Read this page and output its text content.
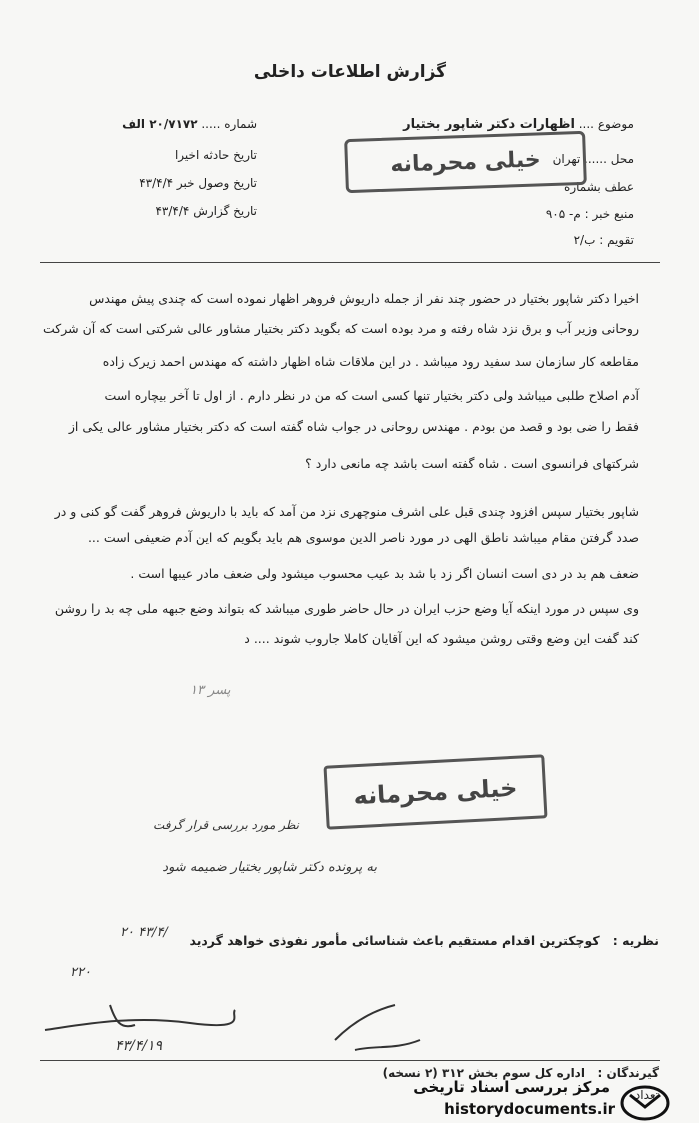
گزارش اطلاعات داخلی
موضوع .... اظهارات دکتر شاپور بختیار
محل ...... تهران
عطف بشماره
منبع خبر : م- ۹۰۵
تقویم : ب/۲
شماره ..... ۲۰/۷۱۷۲ الف
تاریخ حادثه اخیرا
تاریخ وصول خبر ۴۳/۴/۴
تاریخ گزارش ۴۳/۴/۴
خیلی محرمانه
اخیرا دکتر شاپور بختیار در حضور چند نفر از جمله داریوش فروهر اظهار نموده است که چندی پیش مهندس
روحانی وزیر آب و برق نزد شاه رفته و مرد بوده است که بگوید دکتر بختیار مشاور عالی شرکتی است که آن شرکت
مقاطعه کار سازمان سد سفید رود میباشد . در این ملاقات شاه اظهار داشته که مهندس احمد زیرک زاده
آدم اصلاح طلبی میباشد ولی دکتر بختیار تنها کسی است که من در نظر دارم . از اول تا آخر بیچاره است
فقط را ضی بود و قصد من بودم . مهندس روحانی در جواب شاه گفته است که دکتر بختیار مشاور عالی یکی از
شرکتهای فرانسوی است . شاه گفته است باشد چه مانعی دارد ؟
شاپور بختیار سپس افزود چندی قبل علی اشرف منوچهری نزد من آمد که باید با داریوش فروهر گفت گو کنی و در
صدد گرفتن مقام میباشد ناطق الهی در مورد ناصر الدین موسوی هم باید بگویم که این آدم ضعیفی است ...
ضعف هم بد در دی است انسان اگر زد با شد بد عیب محسوب میشود ولی ضعف مادر عیبها است .
وی سپس در مورد اینکه آیا وضع حزب ایران در حال حاضر طوری میباشد که بتواند وضع جبهه ملی چه بد را روشن
کند گفت این وضع وقتی روشن میشود که این آقایان کاملا جاروب شوند .... د
پسر ۱۳
خیلی محرمانه
نظر مورد بررسی قرار گرفت
به پرونده دکتر شاپور بختیار ضمیمه شود
نظریه :   کوچکترین اقدام مستقیم باعث شناسائی مأمور نفوذی خواهد گردید
۲۰ ۴۳/۴/
۲۲۰
۴۳/۴/۱۹
گیرندگان :   اداره کل سوم بخش ۳۱۲ (۲ نسخه)
تعداد
مرکز بررسی اسناد تاریخی
historydocuments.ir
